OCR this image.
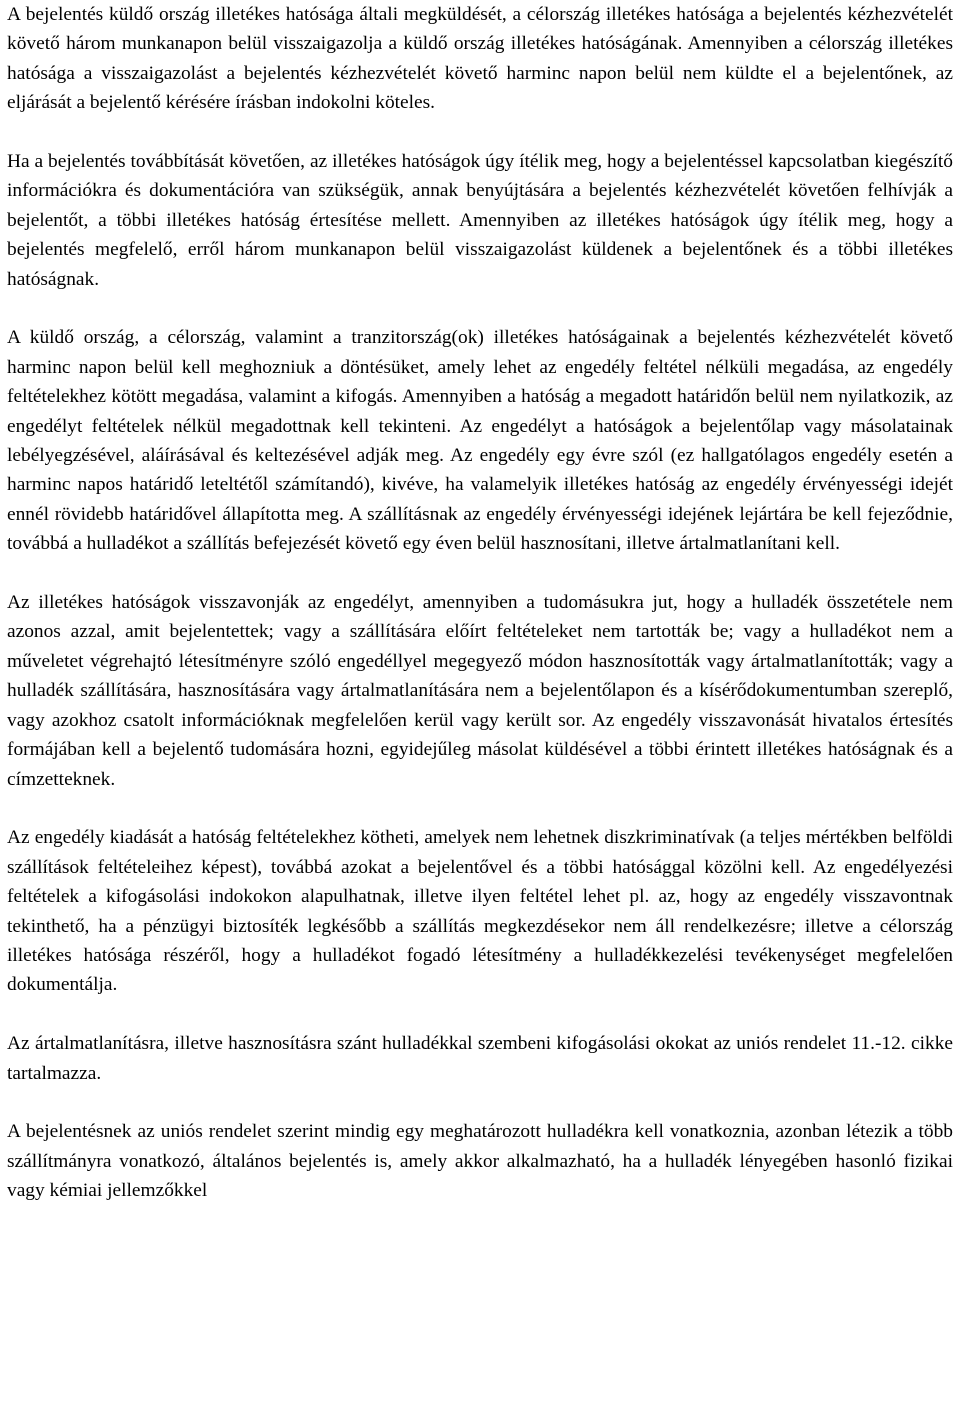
A bejelentés küldő ország illetékes hatósága általi megküldését, a célország illetékes hatósága a bejelentés kézhezvételét követő három munkanapon belül visszaigazolja a küldő ország illetékes hatóságának. Amennyiben a célország illetékes hatósága a visszaigazolást a bejelentés kézhezvételét követő harminc napon belül nem küldte el a bejelentőnek, az eljárását a bejelentő kérésére írásban indokolni köteles.

Ha a bejelentés továbbítását követően, az illetékes hatóságok úgy ítélik meg, hogy a bejelentéssel kapcsolatban kiegészítő információkra és dokumentációra van szükségük, annak benyújtására a bejelentés kézhezvételét követően felhívják a bejelentőt, a többi illetékes hatóság értesítése mellett. Amennyiben az illetékes hatóságok úgy ítélik meg, hogy a bejelentés megfelelő, erről három munkanapon belül visszaigazolást küldenek a bejelentőnek és a többi illetékes hatóságnak.

A küldő ország, a célország, valamint a tranzitország(ok) illetékes hatóságainak a bejelentés kézhezvételét követő harminc napon belül kell meghozniuk a döntésüket, amely lehet az engedély feltétel nélküli megadása, az engedély feltételekhez kötött megadása, valamint a kifogás. Amennyiben a hatóság a megadott határidőn belül nem nyilatkozik, az engedélyt feltételek nélkül megadottnak kell tekinteni. Az engedélyt a hatóságok a bejelentőlap vagy másolatainak lebélyegzésével, aláírásával és keltezésével adják meg. Az engedély egy évre szól (ez hallgatólagos engedély esetén a harminc napos határidő leteltétől számítandó), kivéve, ha valamelyik illetékes hatóság az engedély érvényességi idejét ennél rövidebb határidővel állapította meg. A szállításnak az engedély érvényességi idejének lejártára be kell fejeződnie, továbbá a hulladékot a szállítás befejezését követő egy éven belül hasznosítani, illetve ártalmatlanítani kell.

Az illetékes hatóságok visszavonják az engedélyt, amennyiben a tudomásukra jut, hogy a hulladék összetétele nem azonos azzal, amit bejelentettek; vagy a szállítására előírt feltételeket nem tartották be; vagy a hulladékot nem a műveletet végrehajtó létesítményre szóló engedéllyel megegyező módon hasznosították vagy ártalmatlanították; vagy a hulladék szállítására, hasznosítására vagy ártalmatlanítására nem a bejelentőlapon és a kísérődokumentumban szereplő, vagy azokhoz csatolt információknak megfelelően kerül vagy került sor. Az engedély visszavonását hivatalos értesítés formájában kell a bejelentő tudomására hozni, egyidejűleg másolat küldésével a többi érintett illetékes hatóságnak és a címzetteknek.

Az engedély kiadását a hatóság feltételekhez kötheti, amelyek nem lehetnek diszkriminatívak (a teljes mértékben belföldi szállítások feltételeihez képest), továbbá azokat a bejelentővel és a többi hatósággal közölni kell. Az engedélyezési feltételek a kifogásolási indokokon alapulhatnak, illetve ilyen feltétel lehet pl. az, hogy az engedély visszavontnak tekinthető, ha a pénzügyi biztosíték legkésőbb a szállítás megkezdésekor nem áll rendelkezésre; illetve a célország illetékes hatósága részéről, hogy a hulladékot fogadó létesítmény a hulladékkezelési tevékenységet megfelelően dokumentálja.

Az ártalmatlanításra, illetve hasznosításra szánt hulladékkal szembeni kifogásolási okokat az uniós rendelet 11.-12. cikke tartalmazza.

A bejelentésnek az uniós rendelet szerint mindig egy meghatározott hulladékra kell vonatkoznia, azonban létezik a több szállítmányra vonatkozó, általános bejelentés is, amely akkor alkalmazható, ha a hulladék lényegében hasonló fizikai vagy kémiai jellemzőkkel
